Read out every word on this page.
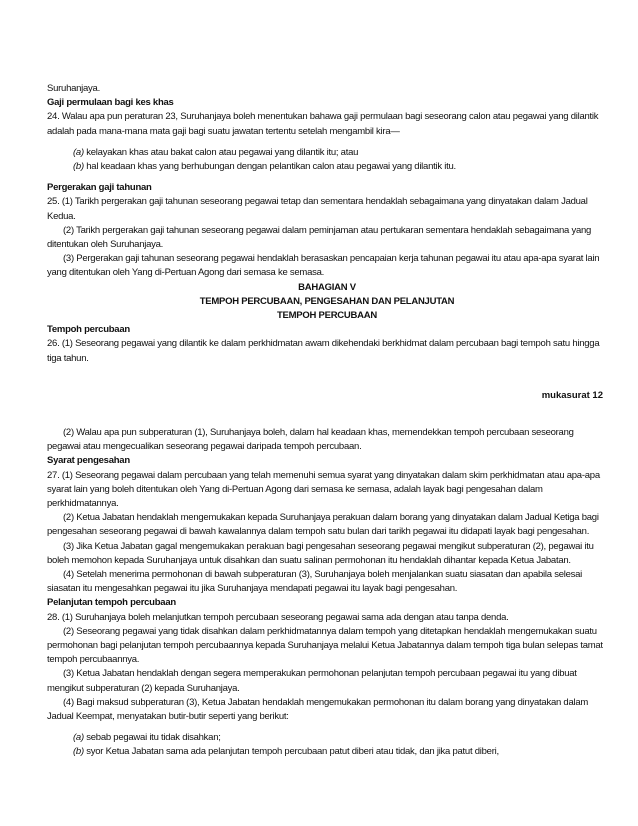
Suruhanjaya.

Gaji permulaan bagi kes khas

24. Walau apa pun peraturan 23, Suruhanjaya boleh menentukan bahawa gaji permulaan bagi seseorang calon atau pegawai yang dilantik adalah pada mana-mana mata gaji bagi suatu jawatan tertentu setelah mengambil kira—

(a) kelayakan khas atau bakat calon atau pegawai yang dilantik itu; atau

(b) hal keadaan khas yang berhubungan dengan pelantikan calon atau pegawai yang dilantik itu.

Pergerakan gaji tahunan

25. (1) Tarikh pergerakan gaji tahunan seseorang pegawai tetap dan sementara hendaklah sebagaimana yang dinyatakan dalam Jadual Kedua.

(2) Tarikh pergerakan gaji tahunan seseorang pegawai dalam peminjaman atau pertukaran sementara hendaklah sebagaimana yang ditentukan oleh Suruhanjaya.

(3) Pergerakan gaji tahunan seseorang pegawai hendaklah berasaskan pencapaian kerja tahunan pegawai itu atau apa-apa syarat lain yang ditentukan oleh Yang di-Pertuan Agong dari semasa ke semasa.

BAHAGIAN V

TEMPOH PERCUBAAN, PENGESAHAN DAN PELANJUTAN

TEMPOH PERCUBAAN

Tempoh percubaan

26. (1) Seseorang pegawai yang dilantik ke dalam perkhidmatan awam dikehendaki berkhidmat dalam percubaan bagi tempoh satu hingga tiga tahun.

mukasurat 12

(2) Walau apa pun subperaturan (1), Suruhanjaya boleh, dalam hal keadaan khas, memendekkan tempoh percubaan seseorang pegawai atau mengecualikan seseorang pegawai daripada tempoh percubaan.

Syarat pengesahan

27. (1) Seseorang pegawai dalam percubaan yang telah memenuhi semua syarat yang dinyatakan dalam skim perkhidmatan atau apa-apa syarat lain yang boleh ditentukan oleh Yang di-Pertuan Agong dari semasa ke semasa, adalah layak bagi pengesahan dalam perkhidmatannya.

(2) Ketua Jabatan hendaklah mengemukakan kepada Suruhanjaya perakuan dalam borang yang dinyatakan dalam Jadual Ketiga bagi pengesahan seseorang pegawai di bawah kawalannya dalam tempoh satu bulan dari tarikh pegawai itu didapati layak bagi pengesahan.

(3) Jika Ketua Jabatan gagal mengemukakan perakuan bagi pengesahan seseorang pegawai mengikut subperaturan (2), pegawai itu boleh memohon kepada Suruhanjaya untuk disahkan dan suatu salinan permohonan itu hendaklah dihantar kepada Ketua Jabatan.

(4) Setelah menerima permohonan di bawah subperaturan (3), Suruhanjaya boleh menjalankan suatu siasatan dan apabila selesai siasatan itu mengesahkan pegawai itu jika Suruhanjaya mendapati pegawai itu layak bagi pengesahan.

Pelanjutan tempoh percubaan

28. (1) Suruhanjaya boleh melanjutkan tempoh percubaan seseorang pegawai sama ada dengan atau tanpa denda.

(2) Seseorang pegawai yang tidak disahkan dalam perkhidmatannya dalam tempoh yang ditetapkan hendaklah mengemukakan suatu permohonan bagi pelanjutan tempoh percubaannya kepada Suruhanjaya melalui Ketua Jabatannya dalam tempoh tiga bulan selepas tamat tempoh percubaannya.

(3) Ketua Jabatan hendaklah dengan segera memperakukan permohonan pelanjutan tempoh percubaan pegawai itu yang dibuat mengikut subperaturan (2) kepada Suruhanjaya.

(4) Bagi maksud subperaturan (3), Ketua Jabatan hendaklah mengemukakan permohonan itu dalam borang yang dinyatakan dalam Jadual Keempat, menyatakan butir-butir seperti yang berikut:

(a) sebab pegawai itu tidak disahkan;

(b) syor Ketua Jabatan sama ada pelanjutan tempoh percubaan patut diberi atau tidak, dan jika patut diberi,
